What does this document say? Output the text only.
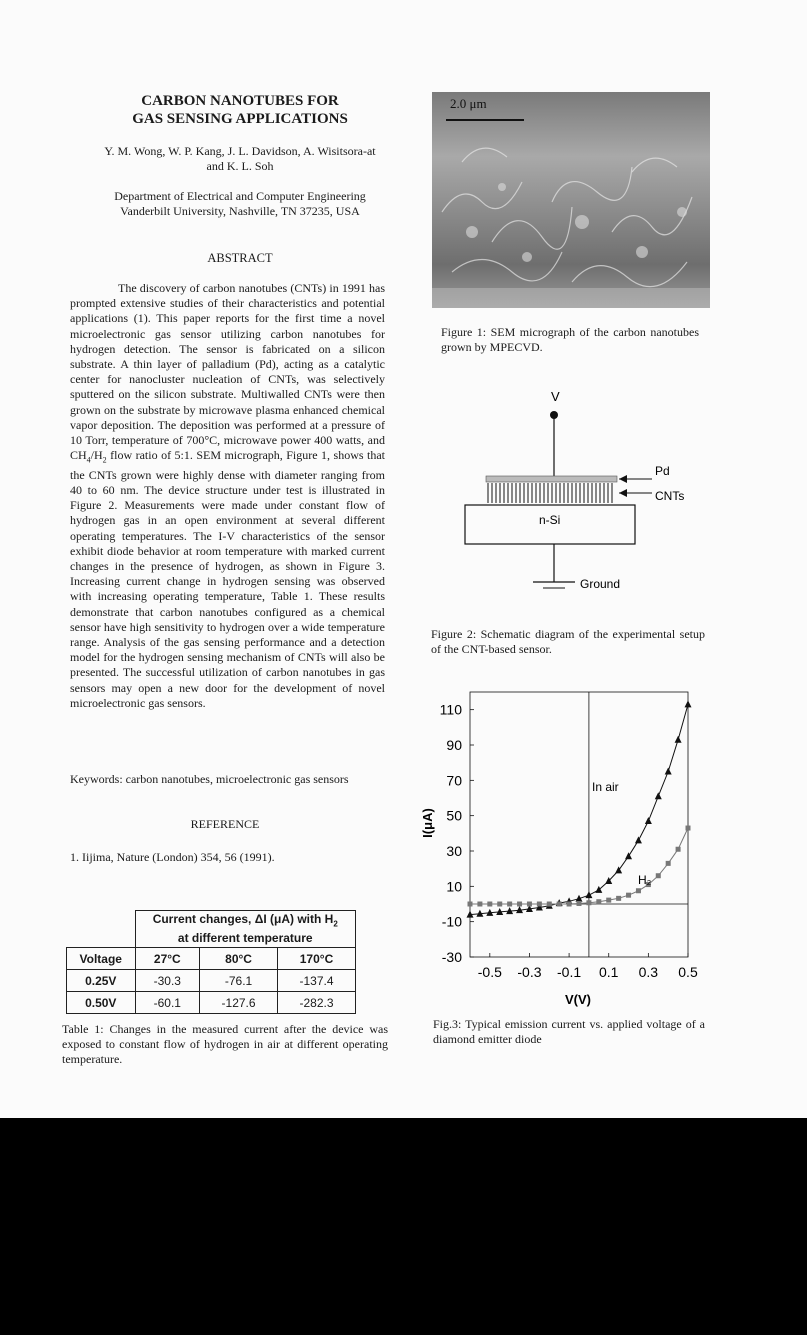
CARBON NANOTUBES FOR
GAS SENSING APPLICATIONS
Y. M. Wong, W. P. Kang, J. L. Davidson, A. Wisitsora-at
and K. L. Soh
Department of Electrical and Computer Engineering
Vanderbilt University, Nashville, TN 37235, USA
ABSTRACT
The discovery of carbon nanotubes (CNTs) in 1991 has prompted extensive studies of their characteristics and potential applications (1). This paper reports for the first time a novel microelectronic gas sensor utilizing carbon nanotubes for hydrogen detection. The sensor is fabricated on a silicon substrate. A thin layer of palladium (Pd), acting as a catalytic center for nanocluster nucleation of CNTs, was selectively sputtered on the silicon substrate. Multiwalled CNTs were then grown on the substrate by microwave plasma enhanced chemical vapor deposition. The deposition was performed at a pressure of 10 Torr, temperature of 700°C, microwave power 400 watts, and $CH_4/H_2$ flow ratio of 5:1. SEM micrograph, Figure 1, shows that the CNTs grown were highly dense with diameter ranging from 40 to 60 nm. The device structure under test is illustrated in Figure 2. Measurements were made under constant flow of hydrogen gas in an open environment at several different operating temperatures. The I-V characteristics of the sensor exhibit diode behavior at room temperature with marked current changes in the presence of hydrogen, as shown in Figure 3. Increasing current change in hydrogen sensing was observed with increasing operating temperature, Table 1. These results demonstrate that carbon nanotubes configured as a chemical sensor have high sensitivity to hydrogen over a wide temperature range. Analysis of the gas sensing performance and a detection model for the hydrogen sensing mechanism of CNTs will also be presented. The successful utilization of carbon nanotubes in gas sensors may open a new door for the development of novel microelectronic gas sensors.
Keywords: carbon nanotubes, microelectronic gas sensors
REFERENCE
1. Iijima, Nature (London) 354, 56 (1991).
	Current changes, ΔI (μA) with $H_2$
at different temperature		
Voltage	27°C	80°C	170°C
0.25V	-30.3	-76.1	-137.4
0.50V	-60.1	-127.6	-282.3
Table 1: Changes in the measured current after the device was exposed to constant flow of hydrogen in air at different operating temperature.
2.0 μm
Figure 1: SEM micrograph of the carbon nanotubes grown by MPECVD.
V
Pd
CNTs
n-Si
Ground
Figure 2: Schematic diagram of the experimental setup of the CNT-based sensor.
110
90
70
50
30
10
-10
-30
-0.5 -0.3 -0.1 0.1 0.3 0.5
V(V)
I(μA)
In air
H₂
Fig.3: Typical emission current vs. applied voltage of a diamond emitter diode
